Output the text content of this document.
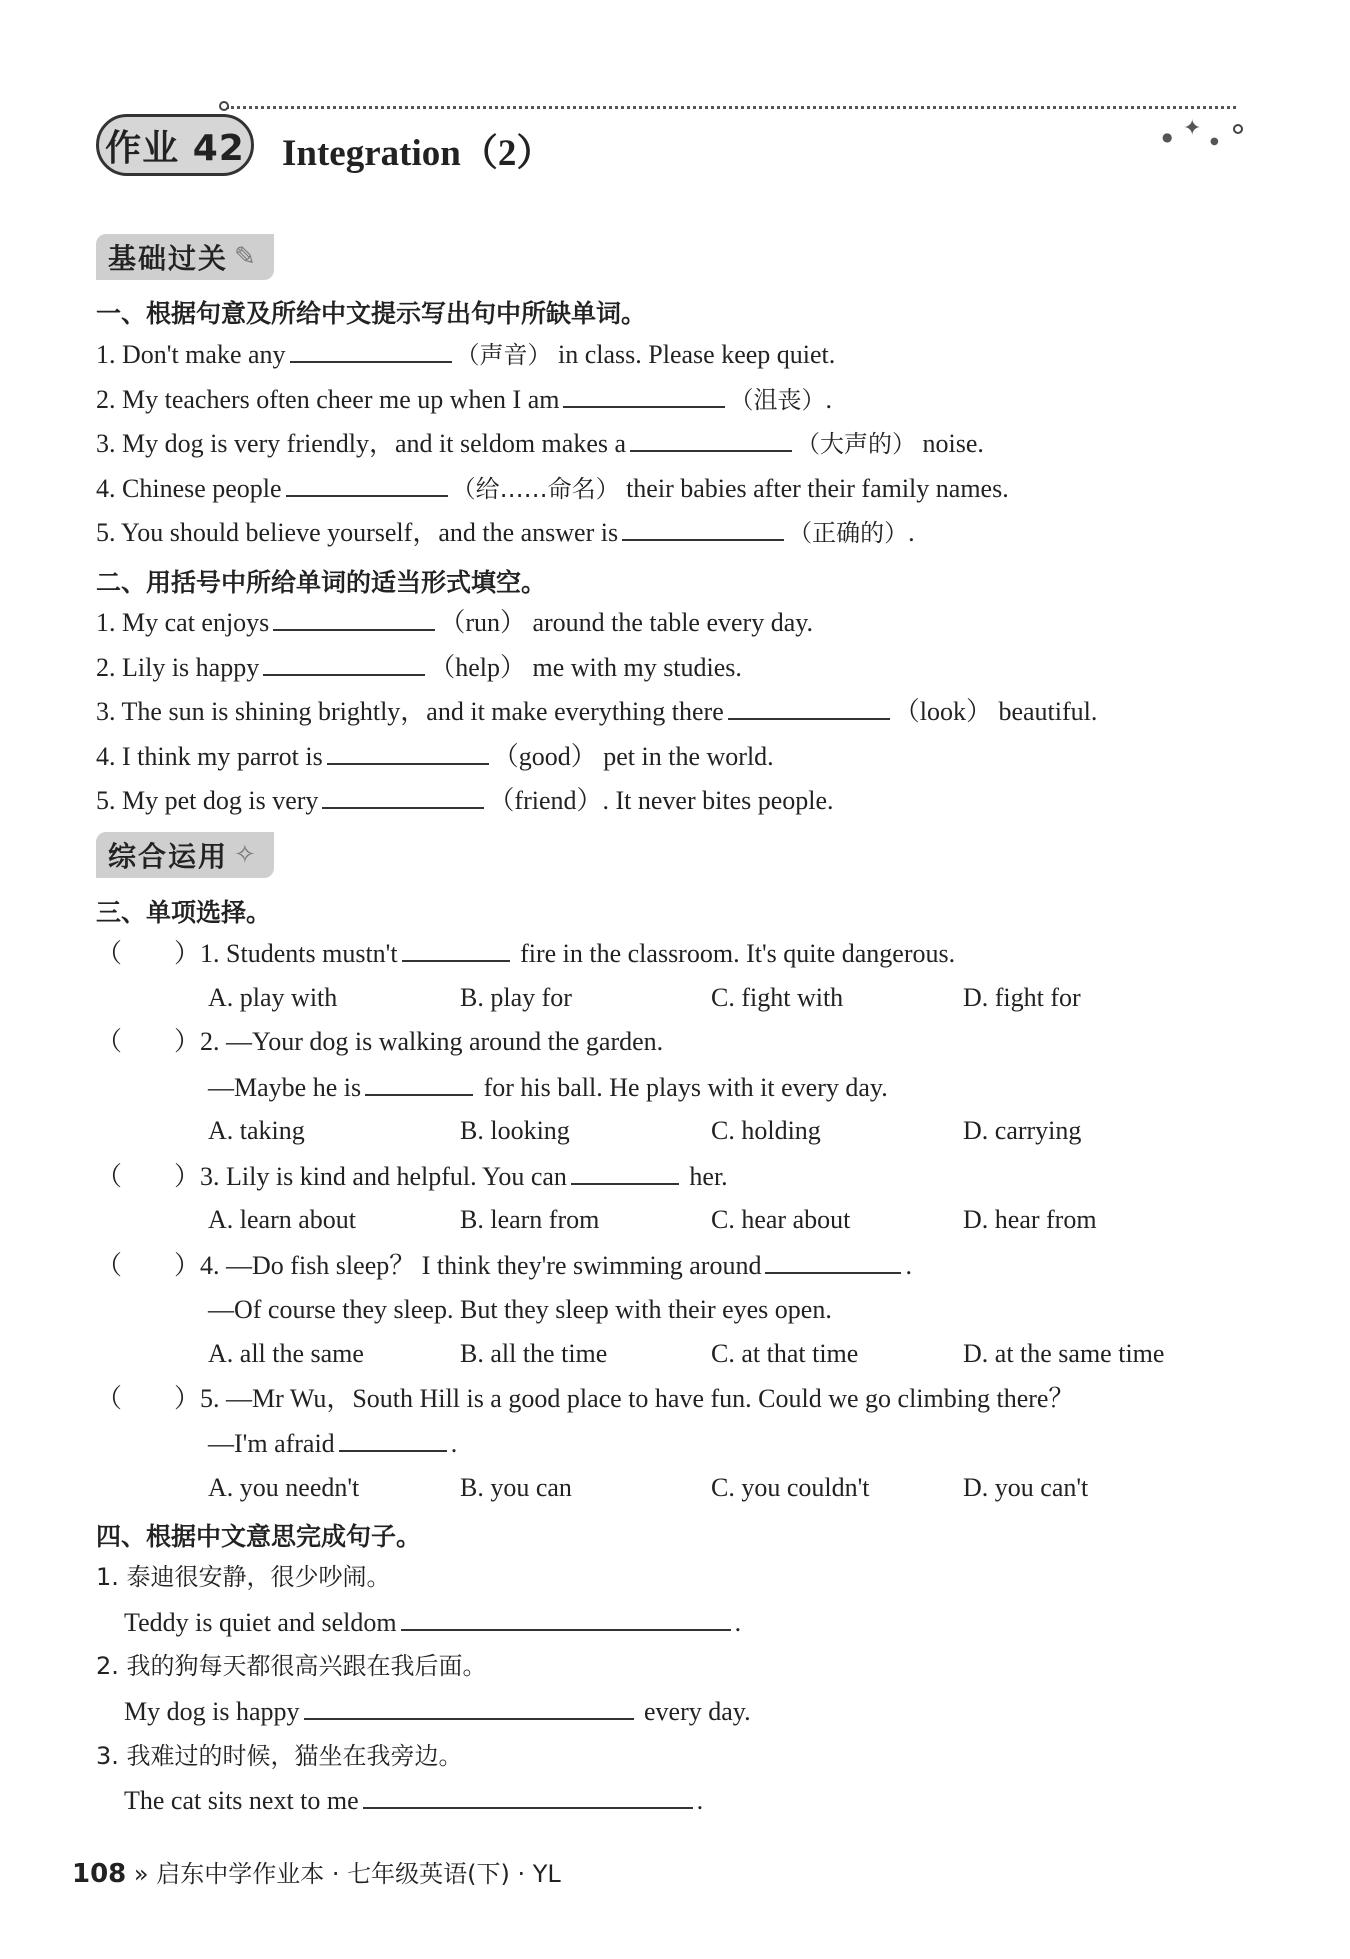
✦
●	●
作业 42 Integration（2）
基础过关 ✎
一、根据句意及所给中文提示写出句中所缺单词。
1. Don't make any	（声音） in class. Please keep quiet.
2. My teachers often cheer me up when I am	（沮丧）.
3. My dog is very friendly，and it seldom makes a	（大声的） noise.
4. Chinese people	（给……命名） their babies after their family names.
5. You should believe yourself，and the answer is	（正确的）.
二、用括号中所给单词的适当形式填空。
1. My cat enjoys	（run） around the table every day.
2. Lily is happy	（help） me with my studies.
3. The sun is shining brightly，and it make everything there	（look） beautiful.
4. I think my parrot is	（good） pet in the world.
5. My pet dog is very	（friend）. It never bites people.
综合运用 ✧
三、单项选择。
（ ）1. Students mustn't	fire in the classroom. It's quite dangerous.
A. play with	B. play for	C. fight with	D. fight for
（ ）2. —Your dog is walking around the garden.
—Maybe he is	for his ball. He plays with it every day.
A. taking	B. looking	C. holding	D. carrying
（ ）3. Lily is kind and helpful. You can	her.
A. learn about	B. learn from	C. hear about	D. hear from
（ ）4. —Do fish sleep？ I think they're swimming around	.
—Of course they sleep. But they sleep with their eyes open.
A. all the same	B. all the time	C. at that time	D. at the same time
（ ）5. —Mr Wu，South Hill is a good place to have fun. Could we go climbing there？
—I'm afraid	.
A. you needn't	B. you can	C. you couldn't	D. you can't
四、根据中文意思完成句子。
1. 泰迪很安静，很少吵闹。
Teddy is quiet and seldom	.
2. 我的狗每天都很高兴跟在我后面。
My dog is happy	every day.
3. 我难过的时候，猫坐在我旁边。
The cat sits next to me	.
108 » 启东中学作业本 · 七年级英语(下) · YL
